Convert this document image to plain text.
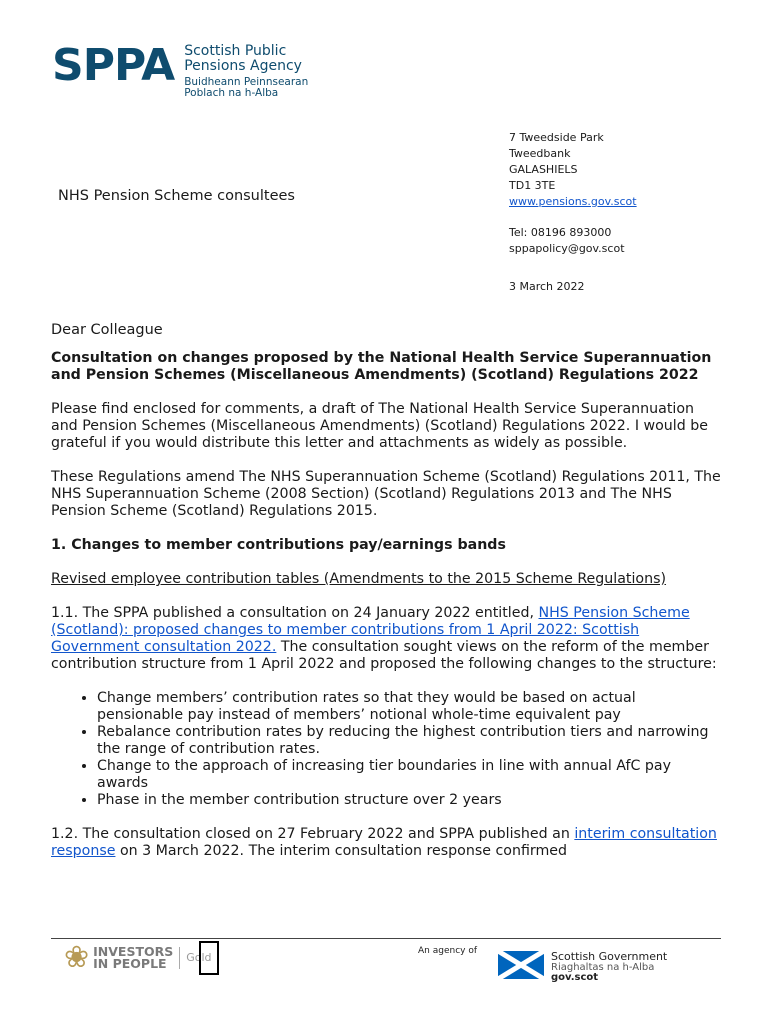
SPPA Scottish Public
Pensions Agency
Buidheann Peinnsearan
Poblach na h-Alba
7 Tweedside Park
Tweedbank
GALASHIELS
TD1 3TE
www.pensions.gov.scot
Tel: 08196 893000
sppapolicy@gov.scot
3 March 2022
NHS Pension Scheme consultees

Dear Colleague

Consultation on changes proposed by the National Health Service Superannuation and Pension Schemes (Miscellaneous Amendments) (Scotland) Regulations 2022

Please find enclosed for comments, a draft of The National Health Service Superannuation and Pension Schemes (Miscellaneous Amendments) (Scotland) Regulations 2022. I would be grateful if you would distribute this letter and attachments as widely as possible.

These Regulations amend The NHS Superannuation Scheme (Scotland) Regulations 2011, The NHS Superannuation Scheme (2008 Section) (Scotland) Regulations 2013 and The NHS Pension Scheme (Scotland) Regulations 2015.

1. Changes to member contributions pay/earnings bands

Revised employee contribution tables (Amendments to the 2015 Scheme Regulations)

1.1. The SPPA published a consultation on 24 January 2022 entitled, NHS Pension Scheme (Scotland): proposed changes to member contributions from 1 April 2022: Scottish Government consultation 2022. The consultation sought views on the reform of the member contribution structure from 1 April 2022 and proposed the following changes to the structure:

• Change members’ contribution rates so that they would be based on actual pensionable pay instead of members’ notional whole-time equivalent pay
• Rebalance contribution rates by reducing the highest contribution tiers and narrowing the range of contribution rates.
• Change to the approach of increasing tier boundaries in line with annual AfC pay awards
• Phase in the member contribution structure over 2 years

1.2. The consultation closed on 27 February 2022 and SPPA published an interim consultation response on 3 March 2022. The interim consultation response confirmed

❀ INVESTORS
IN PEOPLE	Gold	An agency of	Scottish Government
Riaghaltas na h-Alba
gov.scot
